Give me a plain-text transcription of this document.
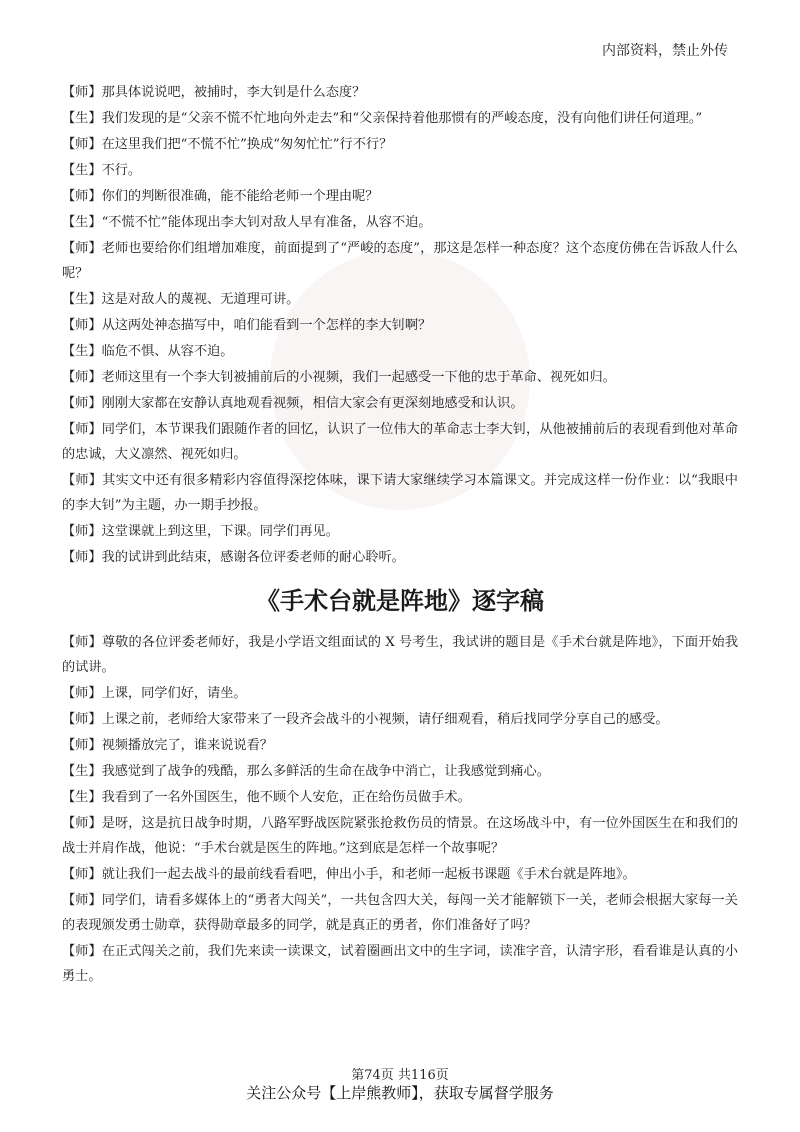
内部资料，禁止外传

【师】那具体说说吧，被捕时，李大钊是什么态度？

【生】我们发现的是“父亲不慌不忙地向外走去”和“父亲保持着他那惯有的严峻态度，没有向他们讲任何道理。”

【师】在这里我们把“不慌不忙”换成“匆匆忙忙”行不行？

【生】不行。

【师】你们的判断很准确，能不能给老师一个理由呢？

【生】“不慌不忙”能体现出李大钊对敌人早有准备，从容不迫。

【师】老师也要给你们组增加难度，前面提到了“严峻的态度”，那这是怎样一种态度？这个态度仿佛在告诉敌人什么呢？

【生】这是对敌人的蔑视、无道理可讲。

【师】从这两处神态描写中，咱们能看到一个怎样的李大钊啊？

【生】临危不惧、从容不迫。

【师】老师这里有一个李大钊被捕前后的小视频，我们一起感受一下他的忠于革命、视死如归。

【师】刚刚大家都在安静认真地观看视频，相信大家会有更深刻地感受和认识。

【师】同学们，本节课我们跟随作者的回忆，认识了一位伟大的革命志士李大钊，从他被捕前后的表现看到他对革命的忠诚，大义凛然、视死如归。

【师】其实文中还有很多精彩内容值得深挖体味，课下请大家继续学习本篇课文。并完成这样一份作业：以“我眼中的李大钊”为主题，办一期手抄报。

【师】这堂课就上到这里，下课。同学们再见。

【师】我的试讲到此结束，感谢各位评委老师的耐心聆听。

《手术台就是阵地》逐字稿

【师】尊敬的各位评委老师好，我是小学语文组面试的 X 号考生，我试讲的题目是《手术台就是阵地》，下面开始我的试讲。

【师】上课，同学们好，请坐。

【师】上课之前，老师给大家带来了一段齐会战斗的小视频，请仔细观看，稍后找同学分享自己的感受。

【师】视频播放完了，谁来说说看？

【生】我感觉到了战争的残酷，那么多鲜活的生命在战争中消亡，让我感觉到痛心。

【生】我看到了一名外国医生，他不顾个人安危，正在给伤员做手术。

【师】是呀，这是抗日战争时期，八路军野战医院紧张抢救伤员的情景。在这场战斗中，有一位外国医生在和我们的战士并肩作战，他说：“手术台就是医生的阵地。”这到底是怎样一个故事呢？

【师】就让我们一起去战斗的最前线看看吧，伸出小手，和老师一起板书课题《手术台就是阵地》。

【师】同学们，请看多媒体上的“勇者大闯关”，一共包含四大关，每闯一关才能解锁下一关，老师会根据大家每一关的表现颁发勇士勋章，获得勋章最多的同学，就是真正的勇者，你们准备好了吗？

【师】在正式闯关之前，我们先来读一读课文，试着圈画出文中的生字词，读准字音，认清字形，看看谁是认真的小勇士。

第74页 共116页
关注公众号【上岸熊教师】，获取专属督学服务
